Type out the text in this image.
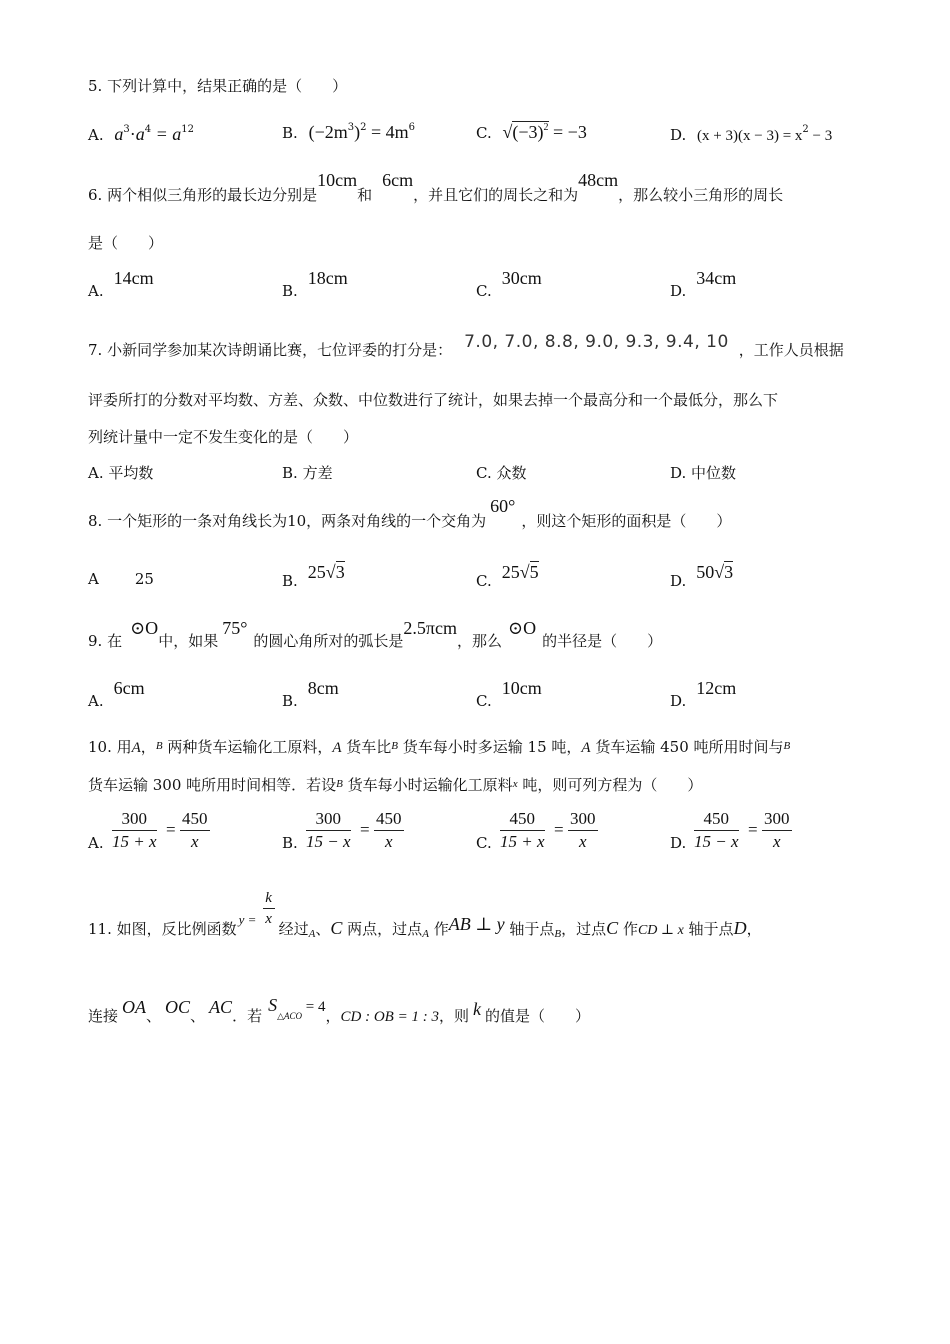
5. 下列计算中，结果正确的是（　　）
A. $a^3\cdot a^4 = a^{12}$	B. $(-2m^3)^2 = 4m^6$	C. $√(-3)^2 = -3$	D. $(x + 3)(x - 3) = x^2 - 3$
6. 两个相似三角形的最长边分别是10cm和6cm，并且它们的周长之和为48cm，那么较小三角形的周长
是（　　）
A.14cm
B.18cm
C.30cm
D.34cm
7. 小新同学参加某次诗朗诵比赛，七位评委的打分是： 7.0, 7.0, 8.8, 9.0, 9.3, 9.4, 10 ，工作人员根据
评委所打的分数对平均数、方差、众数、中位数进行了统计，如果去掉一个最高分和一个最低分，那么下
列统计量中一定不发生变化的是（　　）
A. 平均数	B. 方差	C. 众数	D. 中位数
8. 一个矩形的一条对角线长为10，两条对角线的一个交角为60°，则这个矩形的面积是（　　）
A 25	B. 25√3	C. 25√5	D. 50√3
9. 在⊙O中，如果75°的圆心角所对的弧长是2.5πcm，那么⊙O的半径是（　　）
A.6cm
B.8cm
C.10cm
D.12cm
10. 用A，$^B$ 两种货车运输化工原料，A 货车比$^B$ 货车每小时多运输 15 吨，A 货车运输 450 吨所用时间与$^B$
货车运输 300 吨所用时间相等．若设$^B$ 货车每小时运输化工原料$^x$ 吨，则可列方程为（　　）
A. $\frac{300}{15 + x} = \frac{450}{x}$	B. $\frac{300}{15 - x} = \frac{450}{x}$	C. $\frac{450}{15 + x} = \frac{300}{x}$	D. $\frac{450}{15 - x} = \frac{300}{x}$
11. 如图，反比例函数
y =
k
x
经过$_A$、C 两点，过点$_A$ 作AB ⊥ y 轴于点$_B$，过点C 作CD ⊥ x 轴于点D，
连接 OA、 OC、 AC．若S△ACO = 4，CD : OB = 1 : 3，则 k 的值是（　　）
